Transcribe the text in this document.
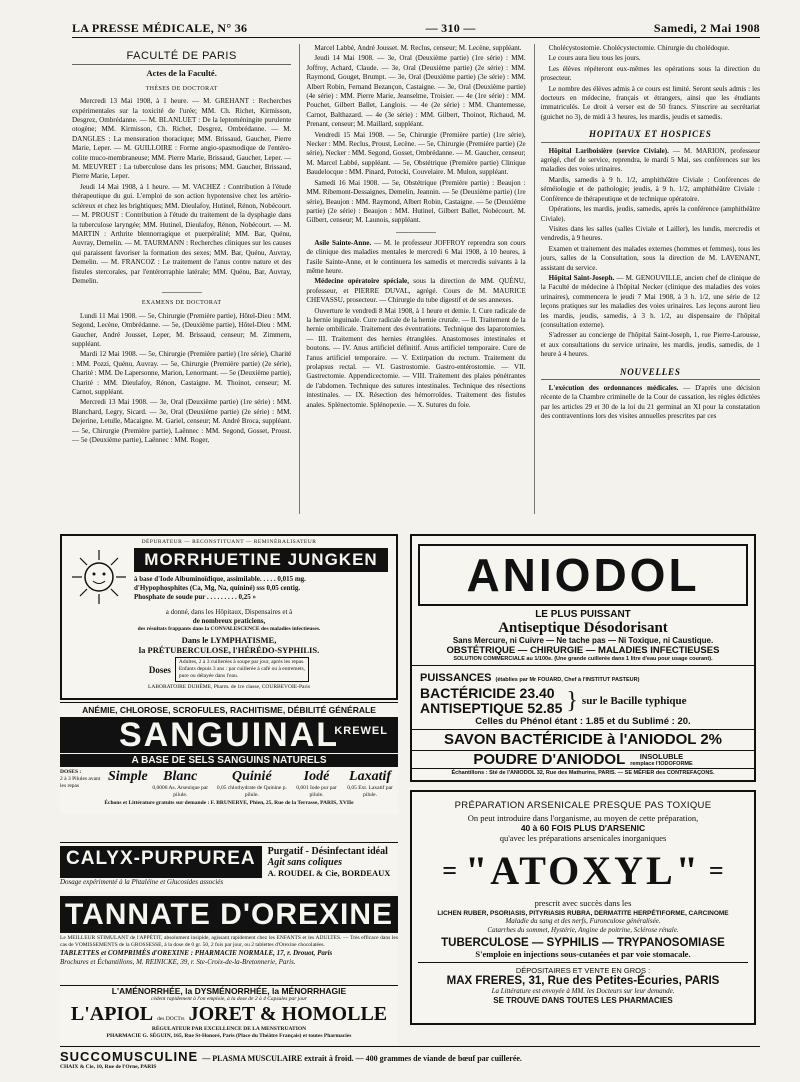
LA PRESSE MÉDICALE, N° 36	— 310 —	Samedi, 2 Mai 1908
FACULTÉ DE PARIS
Actes de la Faculté.
THÈSES DE DOCTORAT

Mercredi 13 Mai 1908, à 1 heure. — M. GREHANT : Recherches expérimentales sur la toxicité de l'urée; MM. Ch. Richet, Kirmisson, Desgrez, Ombrédanne. — M. BLANLUET : De la leptoméningite purulente otogène; MM. Kirmisson, Ch. Richet, Desgrez, Ombrédanne. — M. DANGLES : La mensuration thoracique; MM. Brissaud, Gaucher, Pierre Marie, Leper. — M. GUILLOIRE : Forme angio-spasmodique de l'entéro-colite muco-membraneuse; MM. Pierre Marie, Brissaud, Gaucher, Leper. — M. MEUVRET : La tuberculose dans les prisons; MM. Gaucher, Brissaud, Pierre Marie, Leper.

Jeudi 14 Mai 1908, à 1 heure. — M. VACHEZ : Contribution à l'étude thérapeutique du gui. L'emploi de son action hypotensive chez les artério-scléreux et chez les brightiques; MM. Dieulafoy, Hutinel, Rénon, Nobécourt. — M. PROUST : Contribution à l'étude du traitement de la dysphagie dans la tuberculose laryngée; MM. Hutinel, Dieulafoy, Rénon, Nobécourt. — M. MARTIN : Arthrite blennorragique et puerpéralité; MM. Bar, Quénu, Auvray, Demelin. — M. TAURMANN : Recherches cliniques sur les causes qui paraissent favoriser la formation des sexes; MM. Bar, Quénu, Auvray, Demelin. — M. FRANCOZ : Le traitement de l'anus contre nature et des fistules stercorales, par l'entérorraphie latérale; MM. Quénu, Bar, Auvray, Demelin.

EXAMENS DE DOCTORAT

Lundi 11 Mai 1908. — 5e, Chirurgie (Première partie), Hôtel-Dieu : MM. Segond, Lecène, Ombrédanne. — 5e, (Deuxième partie), Hôtel-Dieu : MM. Gaucher, André Jousset, Leper, M. Brissaud, censeur; M. Zimmern, suppléant.

Mardi 12 Mai 1908. — 5e, Chirurgie (Première partie) (1re série), Charité : MM. Pozzi, Quénu, Auvray. — 5e, Chirurgie (Première partie) (2e série), Charité : MM. De Lapersonne, Marion, Lenormant. — 5e (Deuxième partie), Charité : MM. Dieulafoy, Rénon, Castaigne. M. Thoinot, censeur; M. Carnot, suppléant.

Mercredi 13 Mai 1908. — 3e, Oral (Deuxième partie) (1re série) : MM. Blanchard, Legry, Sicard. — 3e, Oral (Deuxième partie) (2e série) : MM. Dejerine, Letulle, Macaigne. M. Gariel, censeur; M. André Broca, suppléant. — 5e, Chirurgie (Première partie), Laënnec : MM. Segond, Gosset, Proust. — 5e (Deuxième partie), Laënnec : MM. Roger,

Marcel Labbé, André Jousset. M. Reclus, censeur; M. Lecène, suppléant.

Jeudi 14 Mai 1908. — 3e, Oral (Deuxième partie) (1re série) : MM. Joffroy, Achard, Claude. — 3e, Oral (Deuxième partie) (2e série) : MM. Raymond, Gouget, Brumpt. — 3e, Oral (Deuxième partie) (3e série) : MM. Albert Robin, Fernand Bezançon, Castaigne. — 3e, Oral (Deuxième partie) (4e série) : MM. Pierre Marie, Jeanselme, Troisier. — 4e (1re série) : MM. Pouchet, Gilbert Ballet, Langlois. — 4e (2e série) : MM. Chantemesse, Carnot, Balthazard. — 4e (3e série) : MM. Gilbert, Thoinot, Richaud, M. Prenant, censeur; M. Maillard, suppléant.

Vendredi 15 Mai 1908. — 5e, Chirurgie (Première partie) (1re série), Necker : MM. Reclus, Proust, Lecène. — 5e, Chirurgie (Première partie) (2e série), Necker : MM. Segond, Gosset, Ombrédanne. — M. Gaucher, censeur; M. Marcel Labbé, suppléant. — 5e, Obstétrique (Première partie) Clinique Baudelocque : MM. Pinard, Potocki, Couvelaire. M. Mulon, suppléant.

Samedi 16 Mai 1908. — 5e, Obstétrique (Première partie) : Beaujon : MM. Ribemont-Dessaignes, Demelin, Jeannin. — 5e (Deuxième partie) (1re série), Beaujon : MM. Raymond, Albert Robin, Castaigne. — 5e (Deuxième partie) (2e série) : Beaujon : MM. Hutinel, Gilbert Ballet, Nobécourt. M. Gilbert, censeur; M. Launois, suppléant.

Asile Sainte-Anne. — M. le professeur JOFFROY reprendra son cours de clinique des maladies mentales le mercredi 6 Mai 1908, à 10 heures, à l'asile Sainte-Anne, et le continuera les samedis et mercredis suivants à la même heure.

Médecine opératoire spéciale, sous la direction de MM. QUÉNU, professeur, et PIERRE DUVAL, agrégé. Cours de M. MAURICE CHEVASSU, prosecteur. — Chirurgie du tube digestif et de ses annexes.

Ouverture le vendredi 8 Mai 1908, à 1 heure et demie. I. Cure radicale de la hernie inguinale. Cure radicale de la hernie crurale. — II. Traitement de la hernie ombilicale. Traitement des éventrations. Technique des laparotomies. — III. Traitement des hernies étranglées. Anastomoses intestinales et boutons. — IV. Anus artificiel définitif. Anus artificiel temporaire. Cure de l'anus artificiel temporaire. — V. Extirpation du rectum. Traitement du prolapsus rectal. — VI. Gastrostomie. Gastro-entérostomie. — VII. Gastrectomie. Appendicectomie. — VIII. Traitement des plaies pénétrantes de l'abdomen. Technique des sutures intestinales. Technique des résections intestinales. — IX. Résection des hémorroïdes. Traitement des fistules anales. Splénectomie. Splénopexie. — X. Sutures du foie.

Cholécystostomie. Cholécystectomie. Chirurgie du cholédoque.

Le cours aura lieu tous les jours.

Les élèves répéteront eux-mêmes les opérations sous la direction du prosecteur.

Le nombre des élèves admis à ce cours est limité. Seront seuls admis : les docteurs en médecine, français et étrangers, ainsi que les étudiants immatriculés. Le droit à verser est de 50 francs. S'inscrire au secrétariat (guichet no 3), de midi à 3 heures, les mardis, jeudis et samedis.

HOPITAUX ET HOSPICES

Hôpital Lariboisière (service Civiale). — M. MARION, professeur agrégé, chef de service, reprendra, le mardi 5 Mai, ses conférences sur les maladies des voies urinaires.

Mardis, samedis à 9 h. 1/2, amphithéâtre Civiale : Conférences de séméiologie et de pathologie; jeudis, à 9 h. 1/2, amphithéâtre Civiale : Conférence de thérapeutique et de technique opératoire.

Opérations, les mardis, jeudis, samedis, après la conférence (amphithéâtre Civiale).

Visites dans les salles (salles Civiale et Lailler), les lundis, mercredis et vendredis, à 9 heures.

Examen et traitement des malades externes (hommes et femmes), tous les jours, salles de la Consultation, sous la direction de M. LAVENANT, assistant du service.

Hôpital Saint-Joseph. — M. GENOUVILLE, ancien chef de clinique de la Faculté de médecine à l'hôpital Necker (clinique des maladies des voies urinaires), commencera le jeudi 7 Mai 1908, à 3 h. 1/2, une série de 12 leçons pratiques sur les maladies des voies urinaires. Les leçons auront lieu les mardis, jeudis, samedis, à 3 h. 1/2, au dispensaire de l'hôpital (consultation externe).

S'adresser au concierge de l'hôpital Saint-Joseph, 1, rue Pierre-Larousse, et aux consultations du service urinaire, les mardis, jeudis, samedis, de 1 heure à 4 heures.

NOUVELLES

L'exécution des ordonnances médicales. — D'après une décision récente de la Chambre criminelle de la Cour de cassation, les règles édictées par les articles 29 et 30 de la loi du 21 germinal an XI pour la constatation des contraventions lors des visites annuelles prescrites par ces

DÉPURATEUR — RECONSTITUANT — REMINÉRALISATEUR
MORRHUETINE JUNGKEN
à base d'Iode Albuminoïdique, assimilable. . . . . 0,015 mg.
d'Hypophosphites (Ca, Mg, Na, quininé) sss 0,05 centig.
Phosphate de soude pur . . . . . . . . . 0,25 »
a donné, dans les Hôpitaux, Dispensaires et à
de nombreux praticiens,
des résultats frappants dans la CONVALESCENCE des maladies infectieuses.
Dans le LYMPHATISME,
la PRÉTUBERCULOSE, l'HÉRÉDO-SYPHILIS.
Doses
Adultes, 2 à 3 cuillerées à soupe par jour, après les repas.
Enfants depuis 3 ans : par cuillerée à café ou à entremets,
pure ou délayée dans l'eau.
LABORATOIRE DUHÈME, Pharm. de 1re classe, COURBEVOIE-Paris
ANÉMIE, CHLOROSE, SCROFULES, RACHITISME, DÉBILITÉ GÉNÉRALE
SANGUINAL
KREWEL
A BASE DE SELS SANGUINS NATURELS
DOSES :
2 à 3 Pilules avant les repas
Simple	Blanc
0,0006 As. Arsenique par pilule.
Quinié
0,05 chlorhydrate de Quinine p. pilule.
Iodé
0,001 Iode pur par pilule.
Laxatif
0,05 Ext. Laxatif par pilule.
Échons et Littérature gratuits sur demande : F. BRUNERYE, Phien, 25, Rue de la Terrasse, PARIS, XVIIe
CALYX-PURPUREA	Purgatif - Désinfectant idéal
Agit sans coliques
A. ROUDEL & Cie, BORDEAUX
Dosage expérimenté à la Phtaléine et Glucosides associés
TANNATE D'OREXINE
Le MEILLEUR STIMULANT de l'APPÉTIT, absolument insipide, agissant rapidement chez les ENFANTS et les ADULTES. — Très efficace dans les cas de VOMISSEMENTS de la GROSSESSE, à la dose de 0 gr. 50, 2 fois par jour, ou 2 tablettes d'Orexine chocolatées.
TABLETTES et COMPRIMÉS d'OREXINE : PHARMACIE NORMALE, 17, r. Drouot, Paris
Brochures et Échantillons, M. REINICKE, 39, r. Ste-Croix-de-la-Bretonnerie, Paris.
L'AMÉNORRHÉE, la DYSMÉNORRHÉE, la MÉNORRHAGIE
cèdent rapidement à l'on emploie, à la dose de 2 à 4 Capsules par jour
L'APIOL des DOCTrs JORET & HOMOLLE
RÉGULATEUR PAR EXCELLENCE DE LA MENSTRUATION
PHARMACIE G. SÉGUIN, 165, Rue St-Honoré, Paris (Place du Théâtre Français) et toutes Pharmacies
ANIODOL
LE PLUS PUISSANT
Antiseptique Désodorisant
Sans Mercure, ni Cuivre — Ne tache pas — Ni Toxique, ni Caustique.
OBSTÉTRIQUE — CHIRURGIE — MALADIES INFECTIEUSES
SOLUTION COMMERCIALE au 1/100e. (Une grande cuillerée dans 1 litre d'eau pour usage courant).
PUISSANCES (établies par Mr FOUARD, Chef à l'INSTITUT PASTEUR)
BACTÉRICIDE 23.40
ANTISEPTIQUE 52.85 } sur le Bacille typhique
Celles du Phénol étant : 1.85 et du Sublimé : 20.
SAVON BACTÉRICIDE à l'ANIODOL 2%
POUDRE D'ANIODOL	INSOLUBLE
remplace l'IODOFORME
Échantillons : Sté de l'ANIODOL 32, Rue des Mathurins, PARIS. — SE MÉFIER des CONTREFAÇONS.
PRÉPARATION ARSENICALE PRESQUE PAS TOXIQUE
On peut introduire dans l'organisme, au moyen de cette préparation,
40 à 60 FOIS PLUS D'ARSENIC
qu'avec les préparations arsenicales inorganiques
= "ATOXYL" =
prescrit avec succès dans les
LICHEN RUBER, PSORIASIS, PITYRIASIS RUBRA, DERMATITE HERPÉTIFORME, CARCINOME
Maladie du sang et des nerfs, Furonculose généralisée.
Catarrhes du sommet, Hystérie, Angine de poitrine, Sclérose rénale.
TUBERCULOSE — SYPHILIS — TRYPANOSOMIASE
S'emploie en injections sous-cutanées et par voie stomacale.
DÉPOSITAIRES ET VENTE EN GROS :
MAX FRERES, 31, Rue des Petites-Écuries, PARIS
La Littérature est envoyée à MM. les Docteurs sur leur demande.
SE TROUVE DANS TOUTES LES PHARMACIES
SUCCOMUSCULINE — PLASMA MUSCULAIRE extrait à froid. — 400 grammes de viande de bœuf par cuillerée.
CHAIX & Cie, 10, Rue de l'Orne, PARIS
